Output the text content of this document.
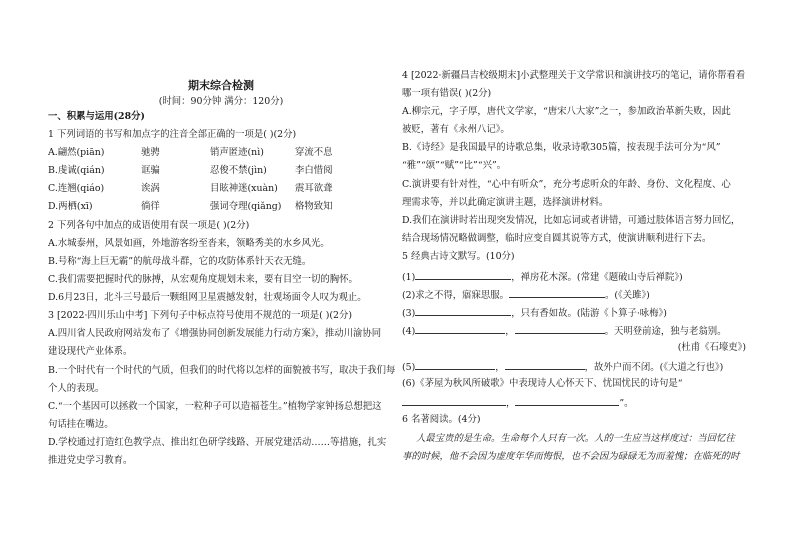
期末综合检测
(时间：90分钟 满分：120分)
一、积累与运用(28分)
1 下列词语的书写和加点字的注音全部正确的一项是( )(2分)
A.翩然(piān)	驰骋	销声匿迹(nì)	穿流不息
B.虔诚(qián)	诓骗	忍俊不禁(jìn)	李白惜阅
C.连翘(qiáo)	诶涡	目眩神迷(xuàn)	震耳欲聋
D.两栖(xī)	徜徉	强词夺理(qiǎng)	格物致知
2 下列各句中加点的成语使用有误一项是( )(2分)
A.水城泰州，风景如画，外地游客纷至沓来，领略秀美的水乡风光。
B.号称“海上巨无霸”的航母战斗群，它的攻防体系针天衣无缝。
C.我们需要把握时代的脉搏，从宏观角度规划未来，要有目空一切的胸怀。
D.6月23日，北斗三号最后一颗组网卫星震撼发射，壮观场面令人叹为观止。
3 [2022·四川乐山中考] 下列句子中标点符号使用不规范的一项是( )(2分)
A.四川省人民政府网站发布了《增强协同创新发展能力行动方案》，推动川渝协同
建设现代产业体系。
B.一个时代有一个时代的气质，但我们的时代将以怎样的面貌被书写，取决于我们每
个人的表现。
C.“一个基因可以拯救一个国家，一粒种子可以造福苍生。”植物学家钟扬总想把这
句话挂在嘴边。
D.学校通过打造红色教学点、推出红色研学线路、开展党建活动……等措施，扎实
推进党史学习教育。
4 [2022·新疆昌吉校级期末]小武整理关于文学常识和演讲技巧的笔记，请你帮看看
哪一项有错误( )(2分)
A.柳宗元，字子厚，唐代文学家，“唐宋八大家”之一，参加政治革新失败，因此
被贬，著有《永州八记》。
B.《诗经》是我国最早的诗歌总集，收录诗歌305篇，按表现手法可分为“风”
“雅”“颂”“赋”“比”“兴”。
C.演讲要有针对性，“心中有听众”，充分考虑听众的年龄、身份、文化程度、心
理需求等，并以此确定演讲主题，选择演讲材料。
D.我们在演讲时若出现突发情况，比如忘词或者讲错，可通过肢体语言努力回忆，
结合现场情况略做调整，临时应变自圆其说等方式，使演讲顺利进行下去。
5 经典古诗文默写。(10分)
(1)	，禅房花木深。(常建《题破山寺后禅院》)
(2)求之不得，寤寐思服。	。(《关雎》)
(3)	，只有香如故。(陆游《卜算子·咏梅》)
(4)	，	。天明登前途，独与老翁别。
(杜甫《石壕吏》)
(5)	，	，故外户而不闭。(《大道之行也》)
(6)《茅屋为秋风所破歌》中表现诗人心怀天下、忧国忧民的诗句是“
，	”。
6 名著阅读。(4分)
人最宝贵的是生命。生命每个人只有一次。人的一生应当这样度过：当回忆往
事的时候，他不会因为虚度年华而悔恨，也不会因为碌碌无为而羞愧；在临死的时
